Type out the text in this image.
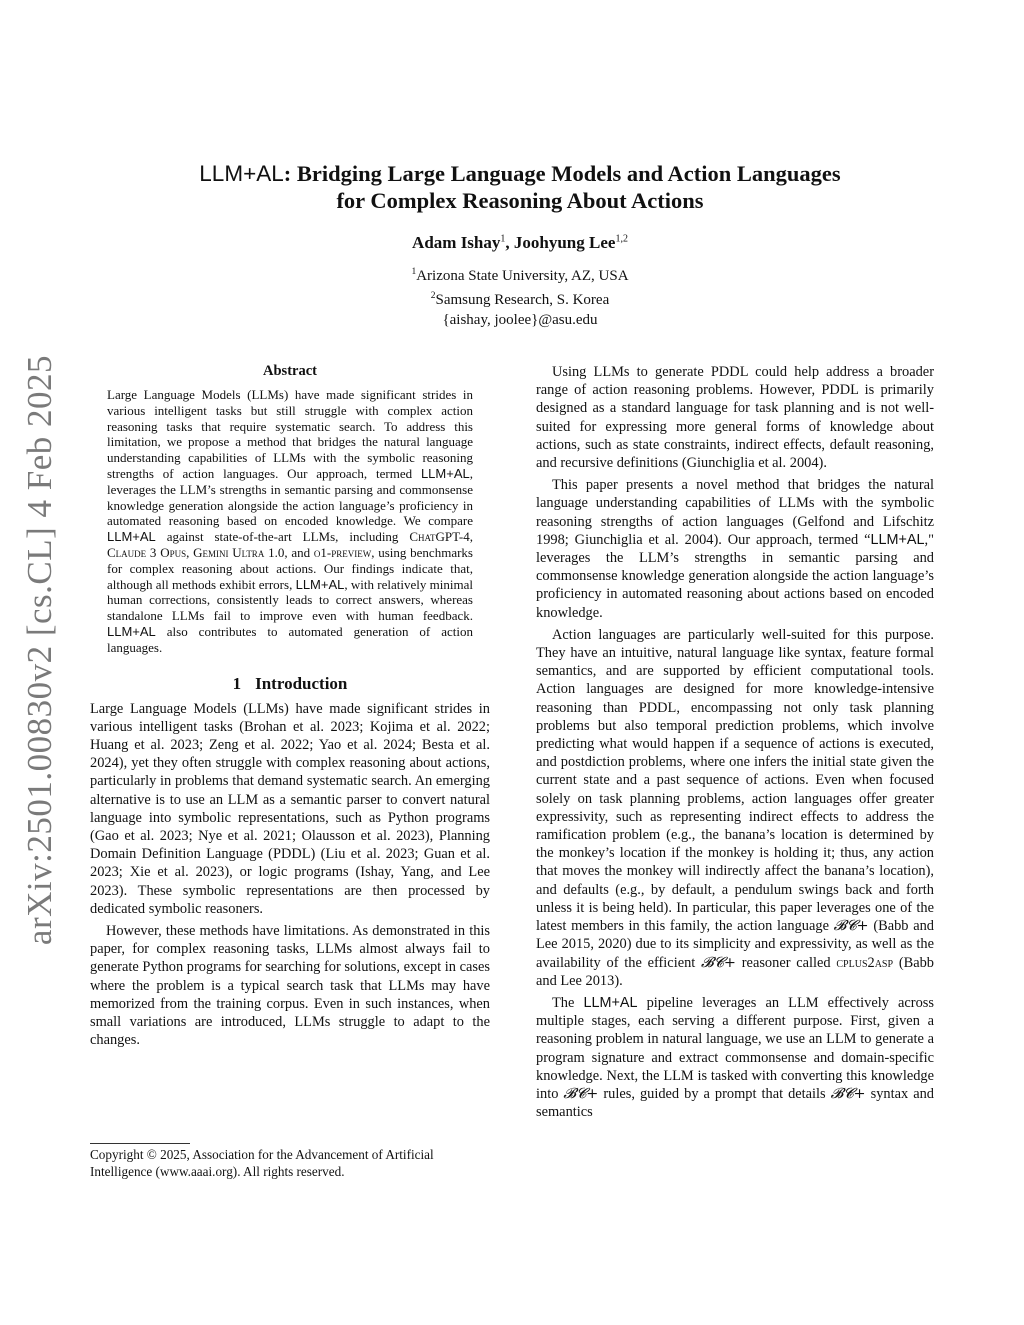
arXiv:2501.00830v2 [cs.CL] 4 Feb 2025
LLM+AL: Bridging Large Language Models and Action Languages
for Complex Reasoning About Actions
Adam Ishay$^1$, Joohyung Lee$^{1,2}$
$^1$Arizona State University, AZ, USA
$^2$Samsung Research, S. Korea
{aishay, joolee}@asu.edu
Abstract
Large Language Models (LLMs) have made significant strides in various intelligent tasks but still struggle with complex action reasoning tasks that require systematic search. To address this limitation, we propose a method that bridges the natural language understanding capabilities of LLMs with the symbolic reasoning strengths of action languages. Our approach, termed LLM+AL, leverages the LLM’s strengths in semantic parsing and commonsense knowledge generation alongside the action language’s proficiency in automated reasoning based on encoded knowledge. We compare LLM+AL against state-of-the-art LLMs, including ChatGPT-4, Claude 3 Opus, Gemini Ultra 1.0, and o1-preview, using benchmarks for complex reasoning about actions. Our findings indicate that, although all methods exhibit errors, LLM+AL, with relatively minimal human corrections, consistently leads to correct answers, whereas standalone LLMs fail to improve even with human feedback. LLM+AL also contributes to automated generation of action languages.
1 Introduction

Large Language Models (LLMs) have made significant strides in various intelligent tasks (Brohan et al. 2023; Kojima et al. 2022; Huang et al. 2023; Zeng et al. 2022; Yao et al. 2024; Besta et al. 2024), yet they often struggle with complex reasoning about actions, particularly in problems that demand systematic search. An emerging alternative is to use an LLM as a semantic parser to convert natural language into symbolic representations, such as Python programs (Gao et al. 2023; Nye et al. 2021; Olausson et al. 2023), Planning Domain Definition Language (PDDL) (Liu et al. 2023; Guan et al. 2023; Xie et al. 2023), or logic programs (Ishay, Yang, and Lee 2023). These symbolic representations are then processed by dedicated symbolic reasoners.

However, these methods have limitations. As demonstrated in this paper, for complex reasoning tasks, LLMs almost always fail to generate Python programs for searching for solutions, except in cases where the problem is a typical search task that LLMs may have memorized from the training corpus. Even in such instances, when small variations are introduced, LLMs struggle to adapt to the changes.

Copyright © 2025, Association for the Advancement of Artificial Intelligence (www.aaai.org). All rights reserved.

Using LLMs to generate PDDL could help address a broader range of action reasoning problems. However, PDDL is primarily designed as a standard language for task planning and is not well-suited for expressing more general forms of knowledge about actions, such as state constraints, indirect effects, default reasoning, and recursive definitions (Giunchiglia et al. 2004).

This paper presents a novel method that bridges the natural language understanding capabilities of LLMs with the symbolic reasoning strengths of action languages (Gelfond and Lifschitz 1998; Giunchiglia et al. 2004). Our approach, termed “LLM+AL," leverages the LLM’s strengths in semantic parsing and commonsense knowledge generation alongside the action language’s proficiency in automated reasoning about actions based on encoded knowledge.

Action languages are particularly well-suited for this purpose. They have an intuitive, natural language like syntax, feature formal semantics, and are supported by efficient computational tools. Action languages are designed for more knowledge-intensive reasoning than PDDL, encompassing not only task planning problems but also temporal prediction problems, which involve predicting what would happen if a sequence of actions is executed, and postdiction problems, where one infers the initial state given the current state and a past sequence of actions. Even when focused solely on task planning problems, action languages offer greater expressivity, such as representing indirect effects to address the ramification problem (e.g., the banana’s location is determined by the monkey’s location if the monkey is holding it; thus, any action that moves the monkey will indirectly affect the banana’s location), and defaults (e.g., by default, a pendulum swings back and forth unless it is being held). In particular, this paper leverages one of the latest members in this family, the action language 𝓑𝓒+ (Babb and Lee 2015, 2020) due to its simplicity and expressivity, as well as the availability of the efficient 𝓑𝓒+ reasoner called cplus2asp (Babb and Lee 2013).

The LLM+AL pipeline leverages an LLM effectively across multiple stages, each serving a different purpose. First, given a reasoning problem in natural language, we use an LLM to generate a program signature and extract commonsense and domain-specific knowledge. Next, the LLM is tasked with converting this knowledge into 𝓑𝓒+ rules, guided by a prompt that details 𝓑𝓒+ syntax and semantics
